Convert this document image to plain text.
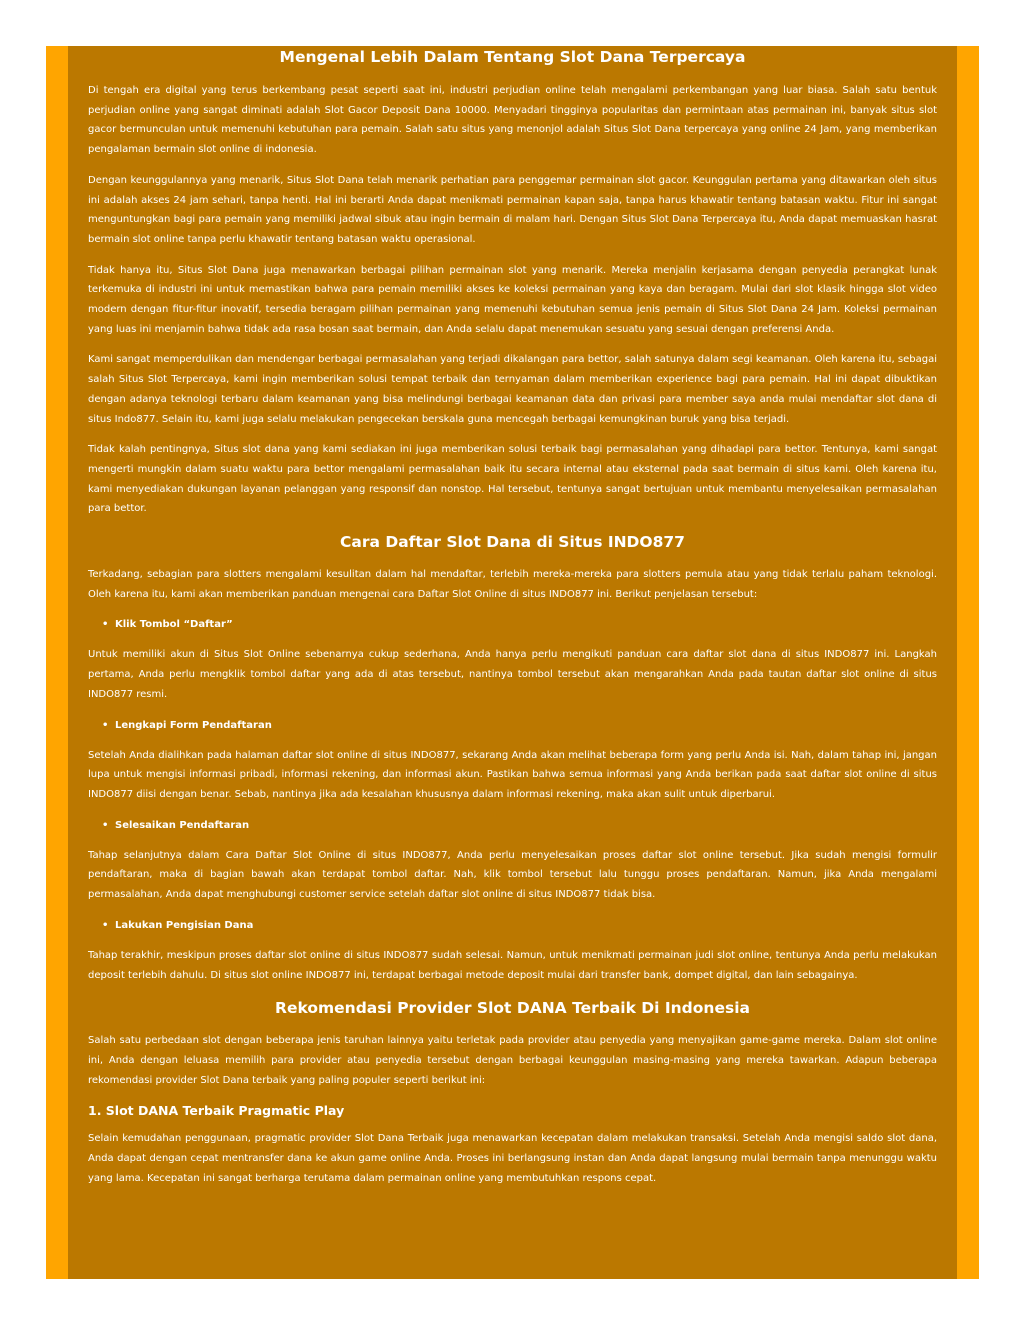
Mengenal Lebih Dalam Tentang Slot Dana Terpercaya

Di tengah era digital yang terus berkembang pesat seperti saat ini, industri perjudian online telah mengalami perkembangan yang luar biasa. Salah satu bentuk perjudian online yang sangat diminati adalah Slot Gacor Deposit Dana 10000. Menyadari tingginya popularitas dan permintaan atas permainan ini, banyak situs slot gacor bermunculan untuk memenuhi kebutuhan para pemain. Salah satu situs yang menonjol adalah Situs Slot Dana terpercaya yang online 24 Jam, yang memberikan pengalaman bermain slot online di indonesia.

Dengan keunggulannya yang menarik, Situs Slot Dana telah menarik perhatian para penggemar permainan slot gacor. Keunggulan pertama yang ditawarkan oleh situs ini adalah akses 24 jam sehari, tanpa henti. Hal ini berarti Anda dapat menikmati permainan kapan saja, tanpa harus khawatir tentang batasan waktu. Fitur ini sangat menguntungkan bagi para pemain yang memiliki jadwal sibuk atau ingin bermain di malam hari. Dengan Situs Slot Dana Terpercaya itu, Anda dapat memuaskan hasrat bermain slot online tanpa perlu khawatir tentang batasan waktu operasional.

Tidak hanya itu, Situs Slot Dana juga menawarkan berbagai pilihan permainan slot yang menarik. Mereka menjalin kerjasama dengan penyedia perangkat lunak terkemuka di industri ini untuk memastikan bahwa para pemain memiliki akses ke koleksi permainan yang kaya dan beragam. Mulai dari slot klasik hingga slot video modern dengan fitur-fitur inovatif, tersedia beragam pilihan permainan yang memenuhi kebutuhan semua jenis pemain di Situs Slot Dana 24 Jam. Koleksi permainan yang luas ini menjamin bahwa tidak ada rasa bosan saat bermain, dan Anda selalu dapat menemukan sesuatu yang sesuai dengan preferensi Anda.

Kami sangat memperdulikan dan mendengar berbagai permasalahan yang terjadi dikalangan para bettor, salah satunya dalam segi keamanan. Oleh karena itu, sebagai salah Situs Slot Terpercaya, kami ingin memberikan solusi tempat terbaik dan ternyaman dalam memberikan experience bagi para pemain. Hal ini dapat dibuktikan dengan adanya teknologi terbaru dalam keamanan yang bisa melindungi berbagai keamanan data dan privasi para member saya anda mulai mendaftar slot dana di situs Indo877. Selain itu, kami juga selalu melakukan pengecekan berskala guna mencegah berbagai kemungkinan buruk yang bisa terjadi.

Tidak kalah pentingnya, Situs slot dana yang kami sediakan ini juga memberikan solusi terbaik bagi permasalahan yang dihadapi para bettor. Tentunya, kami sangat mengerti mungkin dalam suatu waktu para bettor mengalami permasalahan baik itu secara internal atau eksternal pada saat bermain di situs kami. Oleh karena itu, kami menyediakan dukungan layanan pelanggan yang responsif dan nonstop. Hal tersebut, tentunya sangat bertujuan untuk membantu menyelesaikan permasalahan para bettor.

Cara Daftar Slot Dana di Situs INDO877

Terkadang, sebagian para slotters mengalami kesulitan dalam hal mendaftar, terlebih mereka-mereka para slotters pemula atau yang tidak terlalu paham teknologi. Oleh karena itu, kami akan memberikan panduan mengenai cara Daftar Slot Online di situs INDO877 ini. Berikut penjelasan tersebut:

• Klik Tombol “Daftar”

Untuk memiliki akun di Situs Slot Online sebenarnya cukup sederhana, Anda hanya perlu mengikuti panduan cara daftar slot dana di situs INDO877 ini. Langkah pertama, Anda perlu mengklik tombol daftar yang ada di atas tersebut, nantinya tombol tersebut akan mengarahkan Anda pada tautan daftar slot online di situs INDO877 resmi.

• Lengkapi Form Pendaftaran

Setelah Anda dialihkan pada halaman daftar slot online di situs INDO877, sekarang Anda akan melihat beberapa form yang perlu Anda isi. Nah, dalam tahap ini, jangan lupa untuk mengisi informasi pribadi, informasi rekening, dan informasi akun. Pastikan bahwa semua informasi yang Anda berikan pada saat daftar slot online di situs INDO877 diisi dengan benar. Sebab, nantinya jika ada kesalahan khususnya dalam informasi rekening, maka akan sulit untuk diperbarui.

• Selesaikan Pendaftaran

Tahap selanjutnya dalam Cara Daftar Slot Online di situs INDO877, Anda perlu menyelesaikan proses daftar slot online tersebut. Jika sudah mengisi formulir pendaftaran, maka di bagian bawah akan terdapat tombol daftar. Nah, klik tombol tersebut lalu tunggu proses pendaftaran. Namun, jika Anda mengalami permasalahan, Anda dapat menghubungi customer service setelah daftar slot online di situs INDO877 tidak bisa.

• Lakukan Pengisian Dana

Tahap terakhir, meskipun proses daftar slot online di situs INDO877 sudah selesai. Namun, untuk menikmati permainan judi slot online, tentunya Anda perlu melakukan deposit terlebih dahulu. Di situs slot online INDO877 ini, terdapat berbagai metode deposit mulai dari transfer bank, dompet digital, dan lain sebagainya.

Rekomendasi Provider Slot DANA Terbaik Di Indonesia

Salah satu perbedaan slot dengan beberapa jenis taruhan lainnya yaitu terletak pada provider atau penyedia yang menyajikan game-game mereka. Dalam slot online ini, Anda dengan leluasa memilih para provider atau penyedia tersebut dengan berbagai keunggulan masing-masing yang mereka tawarkan. Adapun beberapa rekomendasi provider Slot Dana terbaik yang paling populer seperti berikut ini:

1. Slot DANA Terbaik Pragmatic Play

Selain kemudahan penggunaan, pragmatic provider Slot Dana Terbaik juga menawarkan kecepatan dalam melakukan transaksi. Setelah Anda mengisi saldo slot dana, Anda dapat dengan cepat mentransfer dana ke akun game online Anda. Proses ini berlangsung instan dan Anda dapat langsung mulai bermain tanpa menunggu waktu yang lama. Kecepatan ini sangat berharga terutama dalam permainan online yang membutuhkan respons cepat.
